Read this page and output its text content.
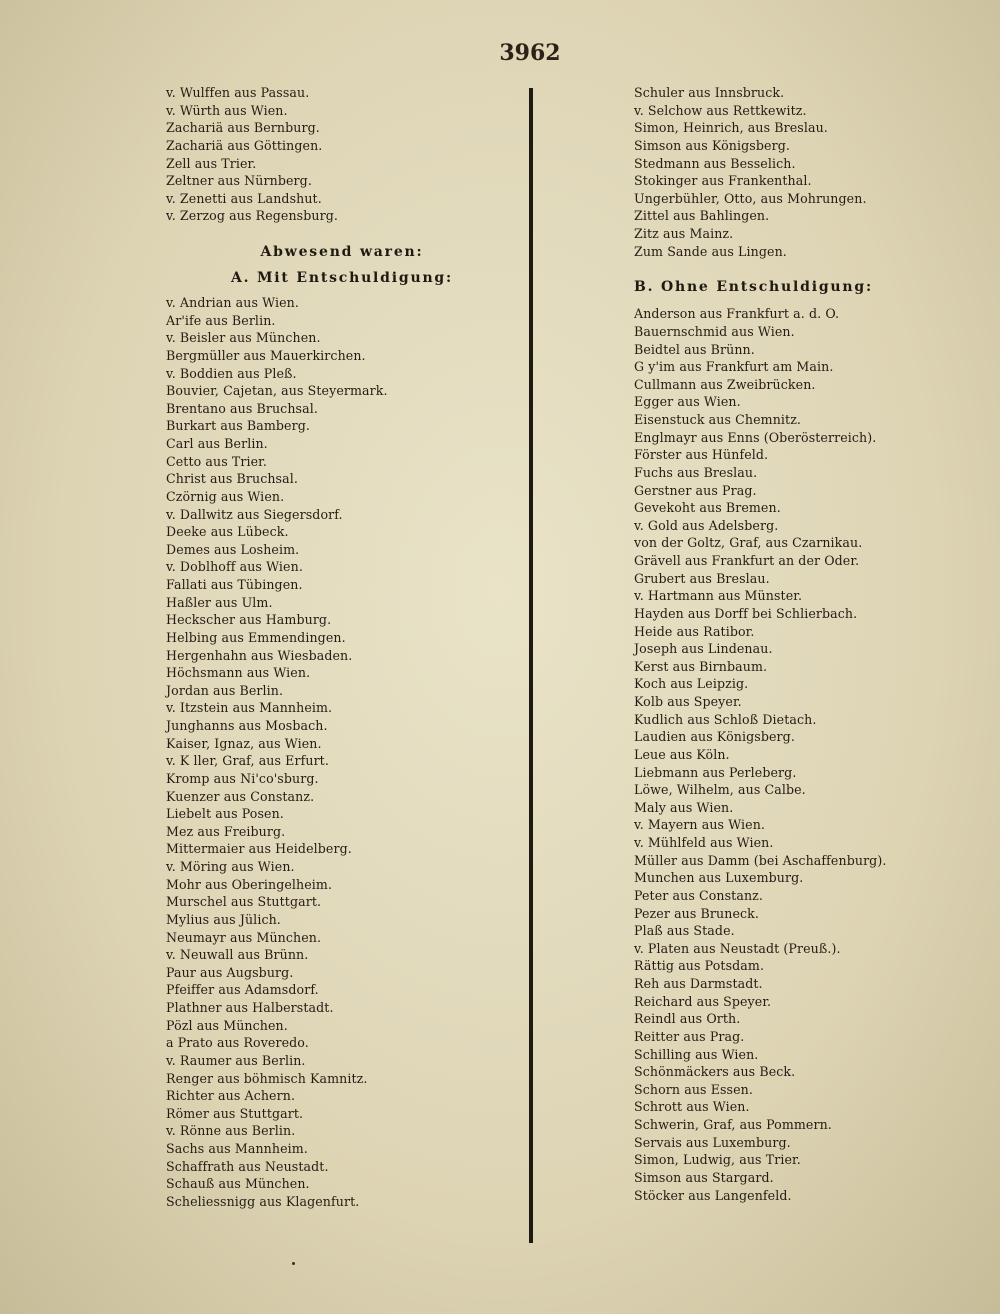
3962
v. Wulffen aus Passau.
v. Würth aus Wien.
Zachariä aus Bernburg.
Zachariä aus Göttingen.
Zell aus Trier.
Zeltner aus Nürnberg.
v. Zenetti aus Landshut.
v. Zerzog aus Regensburg.
Abwesend waren:
A. Mit Entschuldigung:
v. Andrian aus Wien.
Ar'ife aus Berlin.
v. Beisler aus München.
Bergmüller aus Mauerkirchen.
v. Boddien aus Pleß.
Bouvier, Cajetan, aus Steyermark.
Brentano aus Bruchsal.
Burkart aus Bamberg.
Carl aus Berlin.
Cetto aus Trier.
Christ aus Bruchsal.
Czörnig aus Wien.
v. Dallwitz aus Siegersdorf.
Deeke aus Lübeck.
Demes aus Losheim.
v. Doblhoff aus Wien.
Fallati aus Tübingen.
Haßler aus Ulm.
Heckscher aus Hamburg.
Helbing aus Emmendingen.
Hergenhahn aus Wiesbaden.
Höchsmann aus Wien.
Jordan aus Berlin.
v. Itzstein aus Mannheim.
Junghanns aus Mosbach.
Kaiser, Ignaz, aus Wien.
v. K ller, Graf, aus Erfurt.
Kromp aus Ni'co'sburg.
Kuenzer aus Constanz.
Liebelt aus Posen.
Mez aus Freiburg.
Mittermaier aus Heidelberg.
v. Möring aus Wien.
Mohr aus Oberingelheim.
Murschel aus Stuttgart.
Mylius aus Jülich.
Neumayr aus München.
v. Neuwall aus Brünn.
Paur aus Augsburg.
Pfeiffer aus Adamsdorf.
Plathner aus Halberstadt.
Pözl aus München.
a Prato aus Roveredo.
v. Raumer aus Berlin.
Renger aus böhmisch Kamnitz.
Richter aus Achern.
Römer aus Stuttgart.
v. Rönne aus Berlin.
Sachs aus Mannheim.
Schaffrath aus Neustadt.
Schauß aus München.
Scheliessnigg aus Klagenfurt.
Schuler aus Innsbruck.
v. Selchow aus Rettkewitz.
Simon, Heinrich, aus Breslau.
Simson aus Königsberg.
Stedmann aus Besselich.
Stokinger aus Frankenthal.
Ungerbühler, Otto, aus Mohrungen.
Zittel aus Bahlingen.
Zitz aus Mainz.
Zum Sande aus Lingen.
B. Ohne Entschuldigung:
Anderson aus Frankfurt a. d. O.
Bauernschmid aus Wien.
Beidtel aus Brünn.
G y'im aus Frankfurt am Main.
Cullmann aus Zweibrücken.
Egger aus Wien.
Eisenstuck aus Chemnitz.
Englmayr aus Enns (Oberösterreich).
Förster aus Hünfeld.
Fuchs aus Breslau.
Gerstner aus Prag.
Gevekoht aus Bremen.
v. Gold aus Adelsberg.
von der Goltz, Graf, aus Czarnikau.
Grävell aus Frankfurt an der Oder.
Grubert aus Breslau.
v. Hartmann aus Münster.
Hayden aus Dorff bei Schlierbach.
Heide aus Ratibor.
Joseph aus Lindenau.
Kerst aus Birnbaum.
Koch aus Leipzig.
Kolb aus Speyer.
Kudlich aus Schloß Dietach.
Laudien aus Königsberg.
Leue aus Köln.
Liebmann aus Perleberg.
Löwe, Wilhelm, aus Calbe.
Maly aus Wien.
v. Mayern aus Wien.
v. Mühlfeld aus Wien.
Müller aus Damm (bei Aschaffenburg).
Munchen aus Luxemburg.
Peter aus Constanz.
Pezer aus Bruneck.
Plaß aus Stade.
v. Platen aus Neustadt (Preuß.).
Rättig aus Potsdam.
Reh aus Darmstadt.
Reichard aus Speyer.
Reindl aus Orth.
Reitter aus Prag.
Schilling aus Wien.
Schönmäckers aus Beck.
Schorn aus Essen.
Schrott aus Wien.
Schwerin, Graf, aus Pommern.
Servais aus Luxemburg.
Simon, Ludwig, aus Trier.
Simson aus Stargard.
Stöcker aus Langenfeld.
